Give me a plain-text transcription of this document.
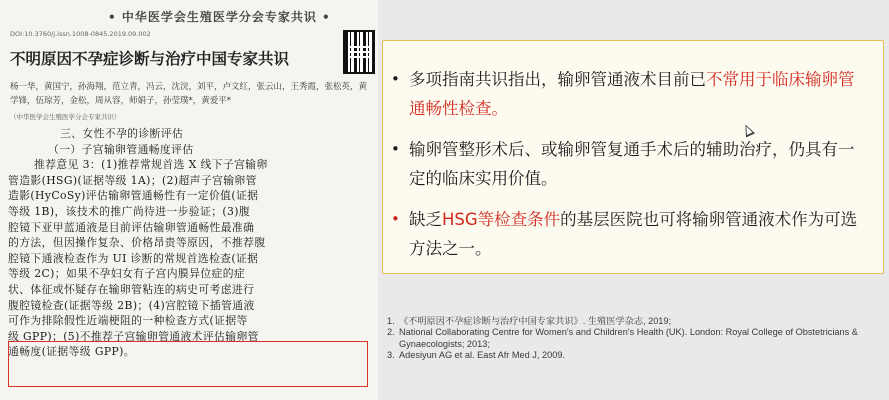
• 中华医学会生殖医学分会专家共识 •
DOI:10.3760/j.issn.1008-0845.2019.09.002
不明原因不孕症诊断与治疗中国专家共识
杨一华，黄国宁，孙海翔，范立青，冯云，沈浣，刘平，卢文红，张云山，王秀霞，张松英，黄学锋，伍琼芳，金松，周从容，师娟子，孙莹璞*，黄爱平*
（中华医学会生殖医学分会专家共识）
三、女性不孕的诊断评估
（一）子宫输卵管通畅度评估
推荐意见 3：(1)推荐常规首选 X 线下子宫输卵
管造影(HSG)(证据等级 1A)；(2)超声子宫输卵管
造影(HyCoSy)评估输卵管通畅性有一定价值(证据
等级 1B)，该技术的推广尚待进一步验证；(3)腹
腔镜下亚甲蓝通液是目前评估输卵管通畅性最准确
的方法，但因操作复杂、价格昂贵等原因，不推荐腹
腔镜下通液检查作为 UI 诊断的常规首选检查(证据
等级 2C)；如果不孕妇女有子宫内膜异位症的症
状、体征或怀疑存在输卵管粘连的病史可考虑进行
腹腔镜检查(证据等级 2B)；(4)宫腔镜下插管通液
可作为排除假性近端梗阻的一种检查方式(证据等
级 GPP)；(5)不推荐子宫输卵管通液术评估输卵管
通畅度(证据等级 GPP)。
• 多项指南共识指出，输卵管通液术目前已不常用于临床输卵管通畅性检查。
• 输卵管整形术后、或输卵管复通手术后的辅助治疗，仍具有一定的临床实用价值。
• 缺乏HSG等检查条件的基层医院也可将输卵管通液术作为可选方法之一。
1. 《不明原因不孕症诊断与治疗中国专家共识》. 生殖医学杂志, 2019;
2. National Collaborating Centre for Women's and Children's Health (UK). London: Royal College of Obstetricians & Gynaecologists; 2013;
3. Adesiyun AG et al. East Afr Med J, 2009.
